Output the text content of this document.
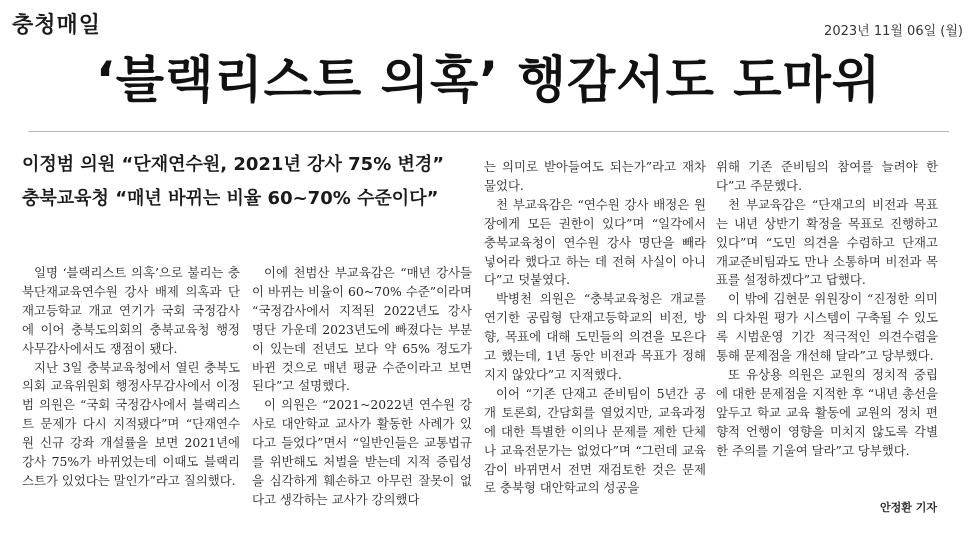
충청매일	2023년 11월 06일 (월)
‘블랙리스트 의혹’ 행감서도 도마위
이정범 의원 “단재연수원, 2021년 강사 75% 변경”
충북교육청 “매년 바뀌는 비율 60~70% 수준이다”

일명 ‘블랙리스트 의혹’으로 불리는 충북단재교육연수원 강사 배제 의혹과 단재고등학교 개교 연기가 국회 국정감사에 이어 충북도의회의 충북교육청 행정사무감사에서도 쟁점이 됐다.

지난 3일 충북교육청에서 열린 충북도의회 교육위원회 행정사무감사에서 이정범 의원은 “국회 국정감사에서 블랙리스트 문제가 다시 지적됐다”며 “단재연수원 신규 강좌 개설률을 보면 2021년에 강사 75%가 바뀌었는데 이때도 블랙리스트가 있었다는 말인가”라고 질의했다.

이에 천범산 부교육감은 “매년 강사들이 바뀌는 비율이 60~70% 수준”이라며 “국정감사에서 지적된 2022년도 강사 명단 가운데 2023년도에 빠졌다는 부분이 있는데 전년도 보다 약 65% 정도가 바뀐 것으로 매년 평균 수준이라고 보면 된다”고 설명했다.

이 의원은 “2021~2022년 연수원 강사로 대안학교 교사가 활동한 사례가 있다고 들었다”면서 “일반인들은 교통법규를 위반해도 처벌을 받는데 지적 증립성을 심각하게 훼손하고 아무런 잘못이 없다고 생각하는 교사가 강의했다

는 의미로 받아들여도 되는가”라고 재차 물었다.

천 부교육감은 “연수원 강사 배정은 원장에게 모든 권한이 있다”며 “일각에서 충북교육청이 연수원 강사 명단을 빼라 넣어라 했다고 하는 데 전혀 사실이 아니다”고 덧붙였다.

박병천 의원은 “충북교육청은 개교를 연기한 공립형 단재고등학교의 비전, 방향, 목표에 대해 도민들의 의견을 모은다고 했는데, 1년 동안 비전과 목표가 정해지지 않았다”고 지적했다.

이어 “기존 단재고 준비팀이 5년간 공개 토론회, 간담회를 열었지만, 교육과정에 대한 특별한 이의나 문제를 제한 단체나 교육전문가는 없었다”며 “그런데 교육감이 바뀌면서 전면 재검토한 것은 문제로 충북형 대안학교의 성공을

위해 기존 준비팀의 참여를 늘려야 한다”고 주문했다.

천 부교육감은 “단재고의 비전과 목표는 내년 상반기 확정을 목표로 진행하고 있다”며 “도민 의견을 수렴하고 단재고 개교준비팀과도 만나 소통하며 비전과 목표를 설정하겠다”고 답했다.

이 밖에 김현문 위원장이 “진정한 의미의 다차원 평가 시스템이 구축될 수 있도록 시범운영 기간 적극적인 의견수렴을 통해 문제점을 개선해 달라”고 당부했다.

또 유상용 의원은 교원의 정치적 중립에 대한 문제점을 지적한 후 “내년 총선을 앞두고 학교 교육 활동에 교원의 정치 편향적 언행이 영향을 미치지 않도록 각별한 주의를 기울여 달라”고 당부했다.

안정환 기자
